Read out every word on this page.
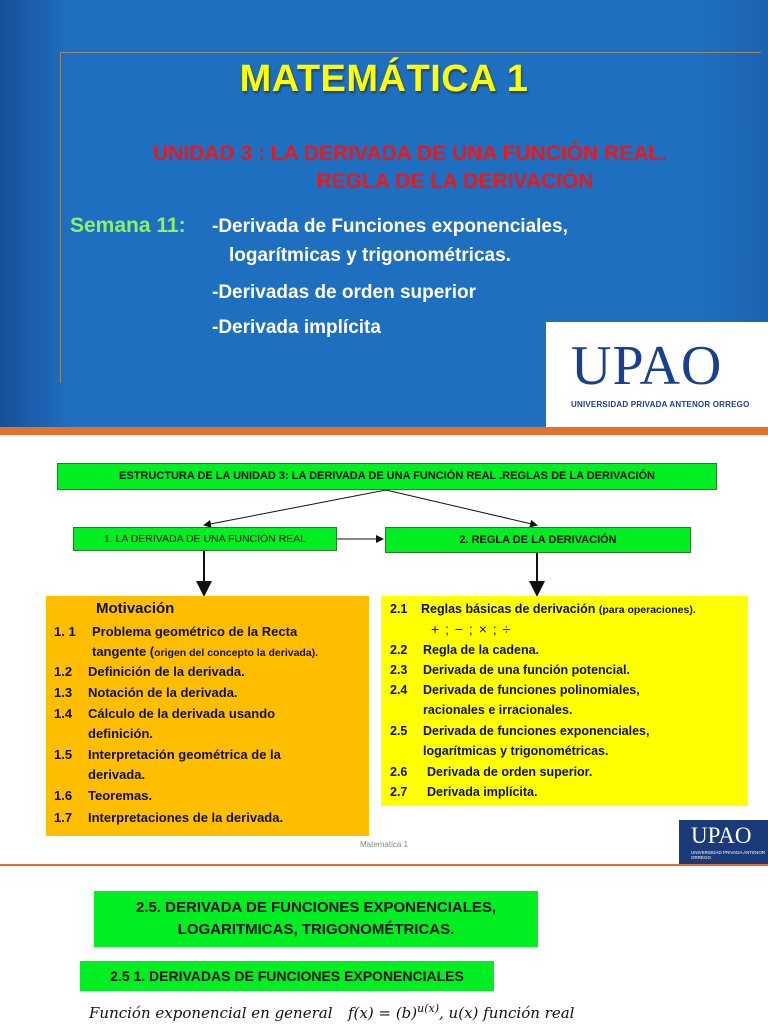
MATEMÁTICA 1
UNIDAD 3 : LA DERIVADA DE UNA FUNCIÓN REAL.
REGLA DE LA DERIVACIÓN
Semana 11: -Derivada de Funciones exponenciales,
logarítmicas y trigonométricas.
-Derivadas de orden superior
-Derivada implícita
UPAO
UNIVERSIDAD PRIVADA ANTENOR ORREGO
ESTRUCTURA DE LA UNIDAD 3: LA DERIVADA DE UNA FUNCIÓN REAL .REGLAS DE LA DERIVACIÓN
1. LA DERIVADA DE UNA FUNCIÓN REAL	2. REGLA DE LA DERIVACIÓN
Motivación
1. 1 Problema geométrico de la Recta
tangente (origen del concepto la derivada).
1.2 Definición de la derivada.
1.3 Notación de la derivada.
1.4 Cálculo de la derivada usando
definición.
1.5 Interpretación geométrica de la
derivada.
1.6 Teoremas.
1.7 Interpretaciones de la derivada.
2.1 Reglas básicas de derivación (para operaciones).
+ ; − ; × ; ÷
2.2 Regla de la cadena.
2.3 Derivada de una función potencial.
2.4 Derivada de funciones polinomiales,
racionales e irracionales.
2.5 Derivada de funciones exponenciales,
logarítmicas y trigonométricas.
2.6 Derivada de orden superior.
2.7 Derivada implícita.
Matematica 1	UPAO
UNIVERSIDAD PRIVADA ANTENOR ORREGO
2.5. DERIVADA DE FUNCIONES EXPONENCIALES,
LOGARITMICAS, TRIGONOMÉTRICAS.
2.5 1. DERIVADAS DE FUNCIONES EXPONENCIALES
Función exponencial en general $f(x) = (b)^{u(x)}$, u(x) función real
